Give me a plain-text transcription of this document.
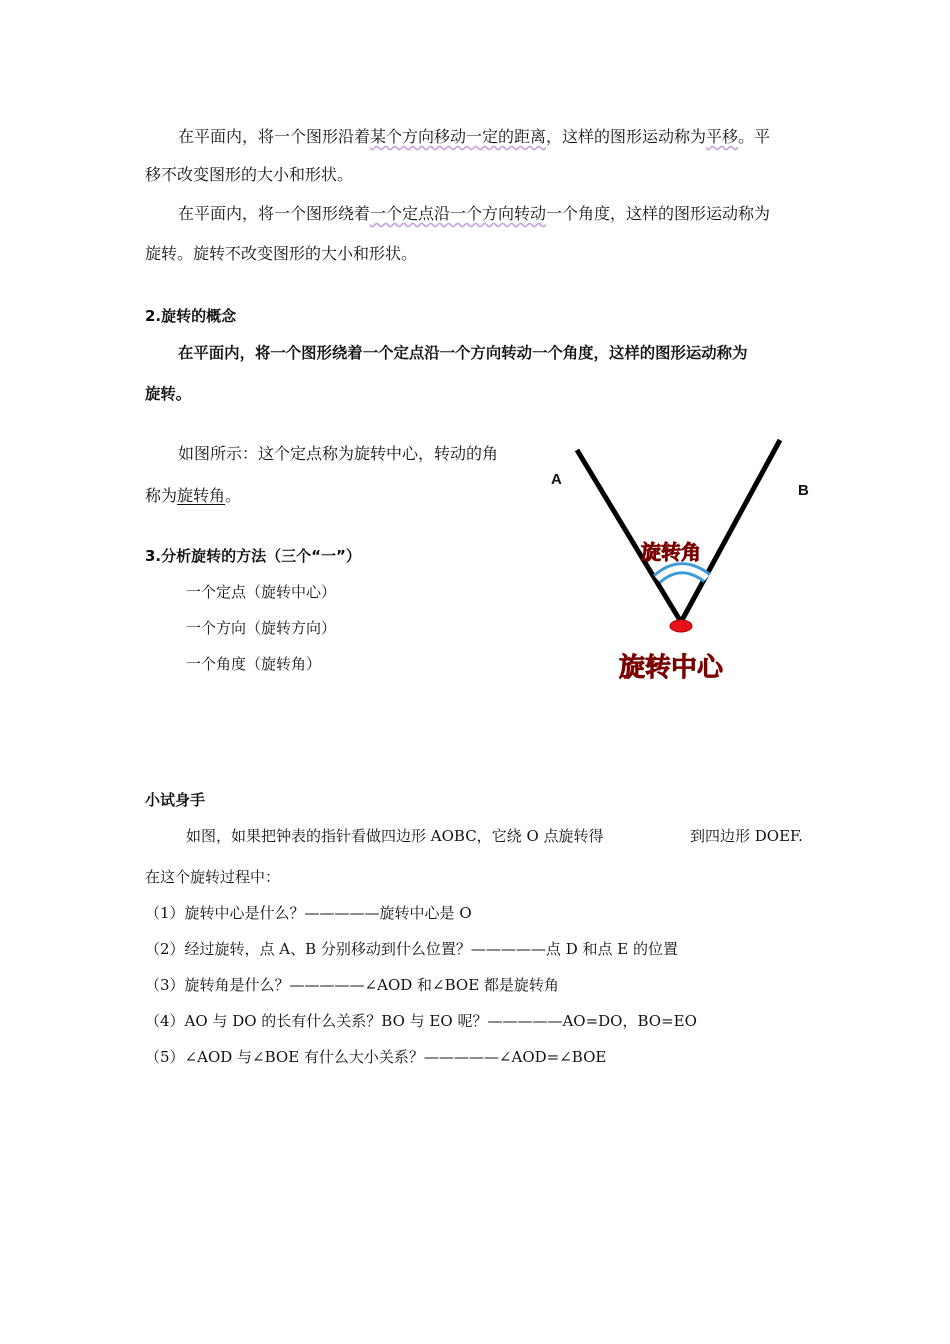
在平面内，将一个图形沿着某个方向移动一定的距离，这样的图形运动称为平移。平
移不改变图形的大小和形状。
在平面内，将一个图形绕着一个定点沿一个方向转动一个角度，这样的图形运动称为
旋转。旋转不改变图形的大小和形状。
2.旋转的概念
在平面内，将一个图形绕着一个定点沿一个方向转动一个角度，这样的图形运动称为
旋转。
如图所示：这个定点称为旋转中心，转动的角
称为旋转角。
旋转角
旋转中心
A
B
3.分析旋转的方法（三个“一”）
一个定点（旋转中心）
一个方向（旋转方向）
一个角度（旋转角）
小试身手
如图，如果把钟表的指针看做四边形 AOBC，它绕 O 点旋转得	到四边形 DOEF.
在这个旋转过程中：
（1）旋转中心是什么？—————旋转中心是 O
（2）经过旋转，点 A、B 分别移动到什么位置？—————点 D 和点 E 的位置
（3）旋转角是什么？—————∠AOD 和∠BOE 都是旋转角
（4）AO 与 DO 的长有什么关系？BO 与 EO 呢？—————AO=DO，BO=EO
（5）∠AOD 与∠BOE 有什么大小关系？—————∠AOD=∠BOE
